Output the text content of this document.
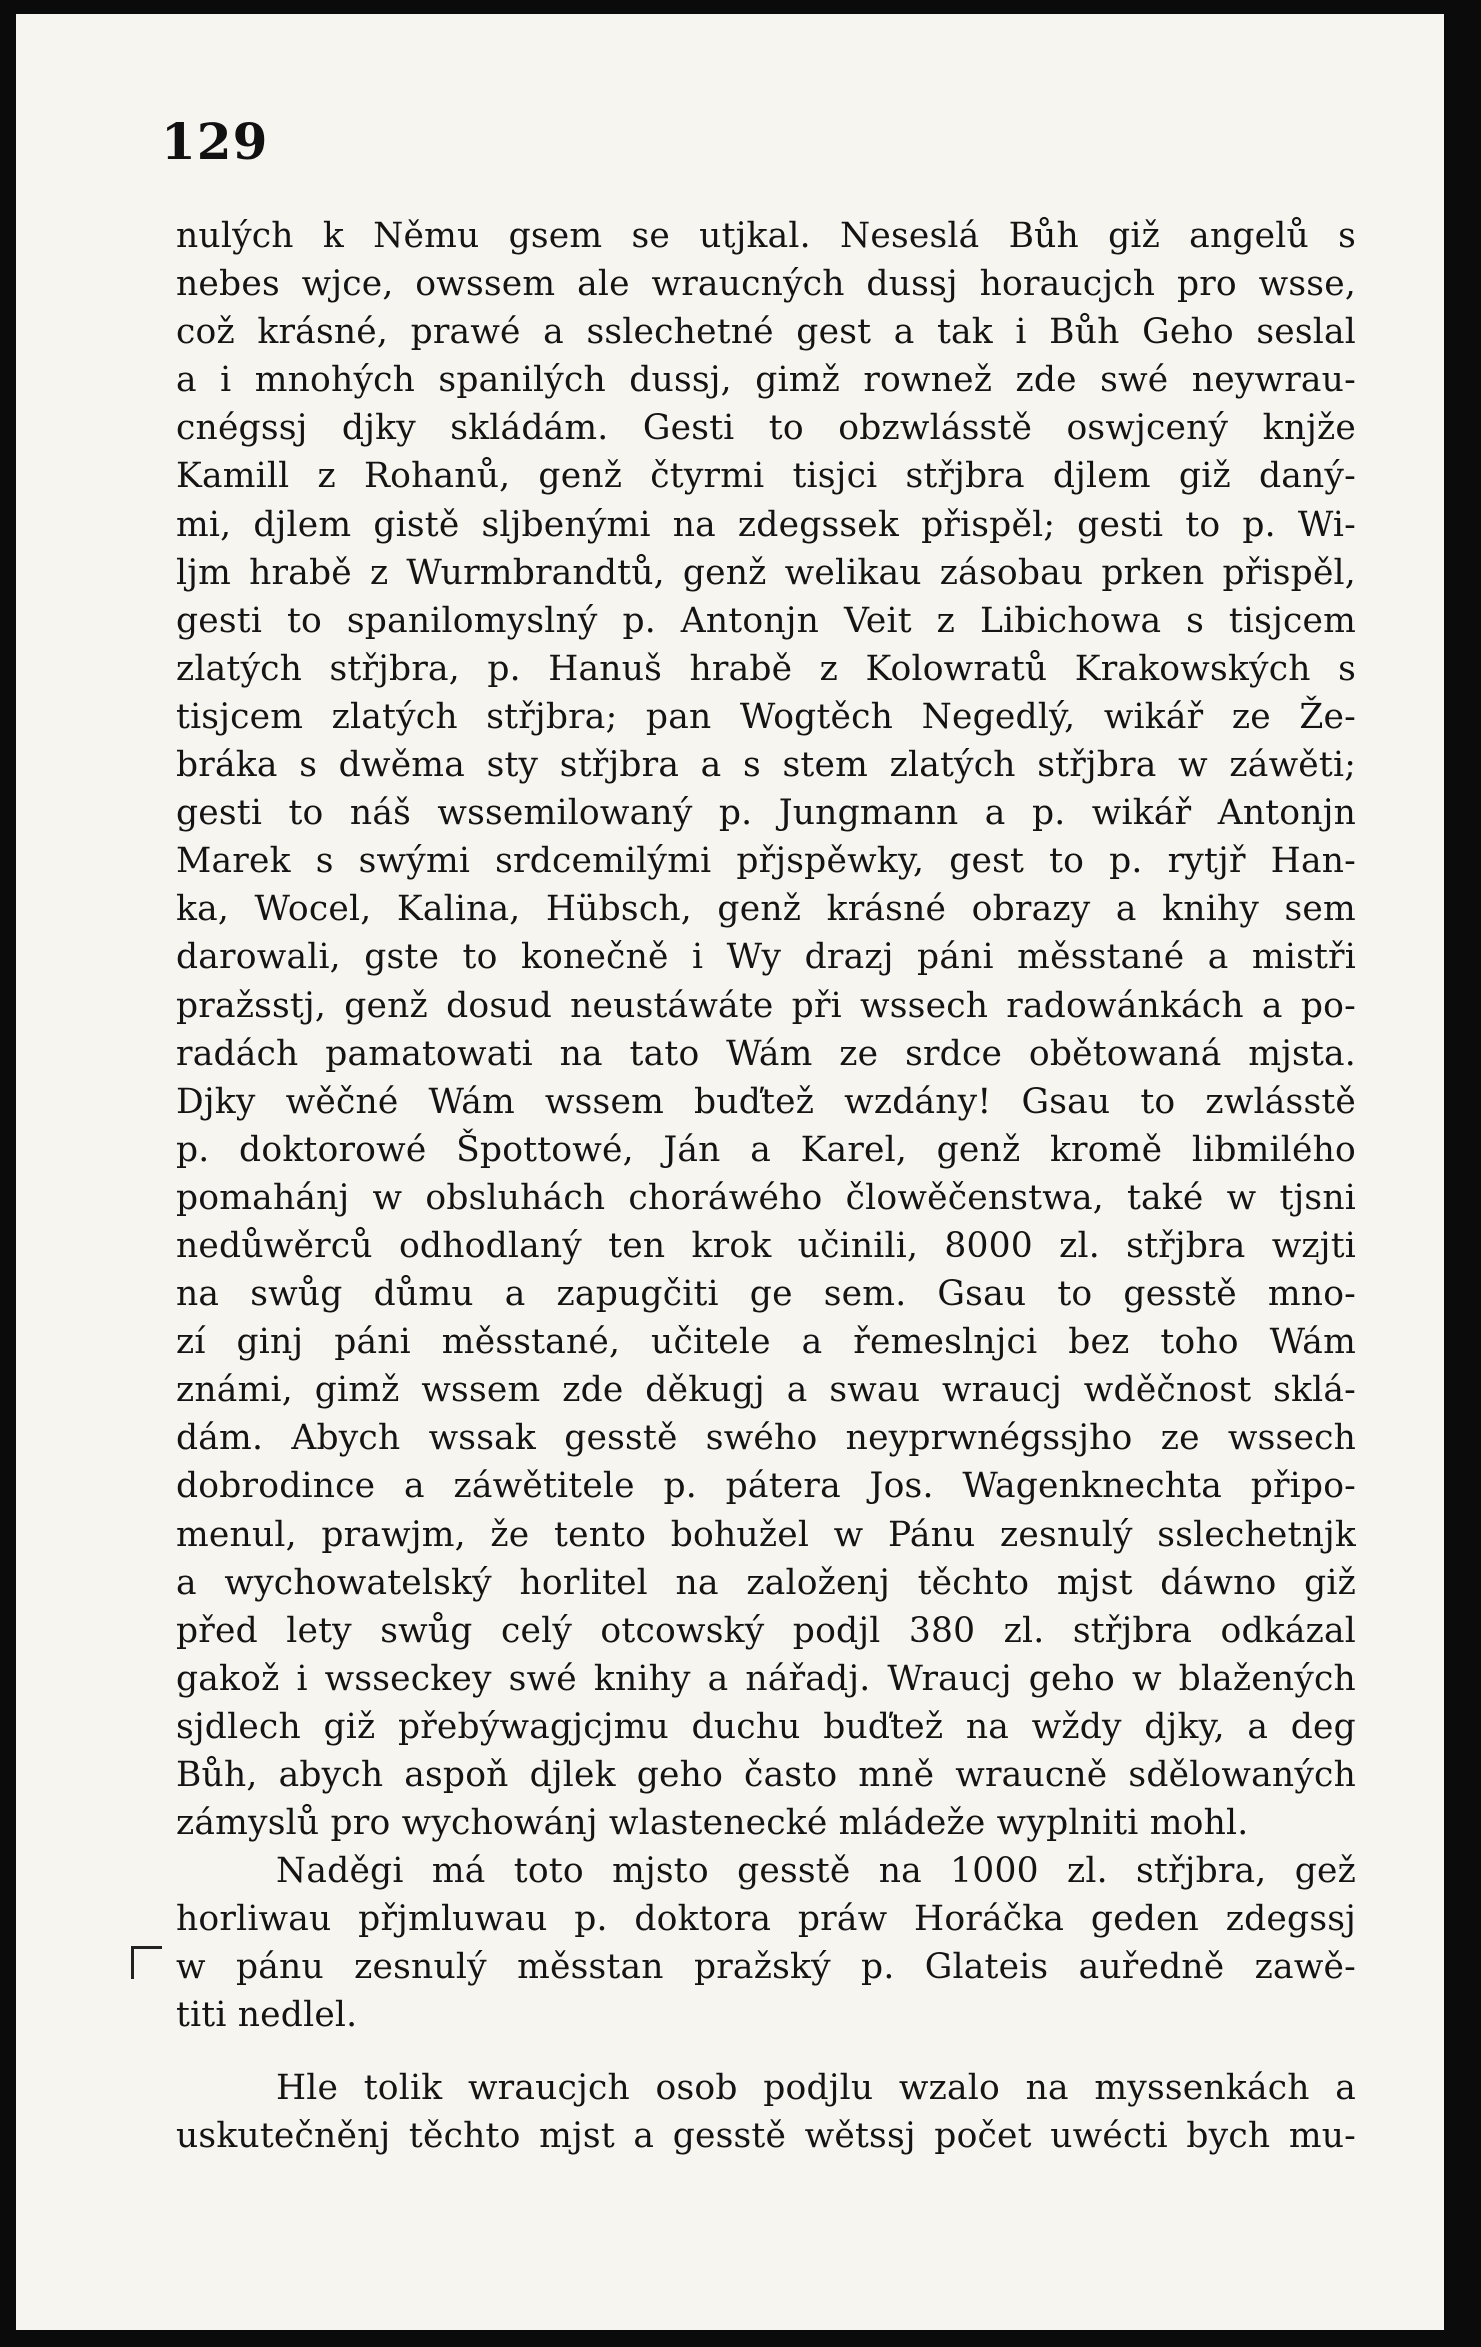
129
nulých k Němu gsem se utjkal. Neseslá Bůh giž angelů s
nebes wjce, owssem ale wraucných dussj horaucjch pro wsse,
což krásné, prawé a sslechetné gest a tak i Bůh Geho seslal
a i mnohých spanilých dussj, gimž rownež zde swé neywrau-
cnégssj djky skládám. Gesti to obzwlásstě oswjcený knjže
Kamill z Rohanů, genž čtyrmi tisjci střjbra djlem giž daný-
mi, djlem gistě sljbenými na zdegssek přispěl; gesti to p. Wi-
ljm hrabě z Wurmbrandtů, genž welikau zásobau prken přispěl,
gesti to spanilomyslný p. Antonjn Veit z Libichowa s tisjcem
zlatých střjbra, p. Hanuš hrabě z Kolowratů Krakowských s
tisjcem zlatých střjbra; pan Wogtěch Negedlý, wikář ze Že-
bráka s dwěma sty střjbra a s stem zlatých střjbra w záwěti;
gesti to náš wssemilowaný p. Jungmann a p. wikář Antonjn
Marek s swými srdcemilými přjspěwky, gest to p. rytjř Han-
ka, Wocel, Kalina, Hübsch, genž krásné obrazy a knihy sem
darowali, gste to konečně i Wy drazj páni měsstané a mistři
pražsstj, genž dosud neustáwáte při wssech radowánkách a po-
radách pamatowati na tato Wám ze srdce obětowaná mjsta.
Djky wěčné Wám wssem buďtež wzdány! Gsau to zwlásstě
p. doktorowé Špottowé, Ján a Karel, genž kromě libmilého
pomahánj w obsluhách choráwého člowěčenstwa, také w tjsni
nedůwěrců odhodlaný ten krok učinili, 8000 zl. střjbra wzjti
na swůg důmu a zapugčiti ge sem. Gsau to gesstě mno-
zí ginj páni měsstané, učitele a řemeslnjci bez toho Wám
známi, gimž wssem zde děkugj a swau wraucj wděčnost sklá-
dám. Abych wssak gesstě swého neyprwnégssjho ze wssech
dobrodince a záwětitele p. pátera Jos. Wagenknechta připo-
menul, prawjm, že tento bohužel w Pánu zesnulý sslechetnjk
a wychowatelský horlitel na založenj těchto mjst dáwno giž
před lety swůg celý otcowský podjl 380 zl. střjbra odkázal
gakož i wsseckey swé knihy a nářadj. Wraucj geho w blažených
sjdlech giž přebýwagjcjmu duchu buďtež na wždy djky, a deg
Bůh, abych aspoň djlek geho často mně wraucně sdělowaných
zámyslů pro wychowánj wlastenecké mládeže wyplniti mohl.
Naděgi má toto mjsto gesstě na 1000 zl. střjbra, gež
horliwau přjmluwau p. doktora práw Horáčka geden zdegssj
w pánu zesnulý měsstan pražský p. Glateis auředně zawě-
titi nedlel.
Hle tolik wraucjch osob podjlu wzalo na myssenkách a
uskutečněnj těchto mjst a gesstě wětssj počet uwécti bych mu-
